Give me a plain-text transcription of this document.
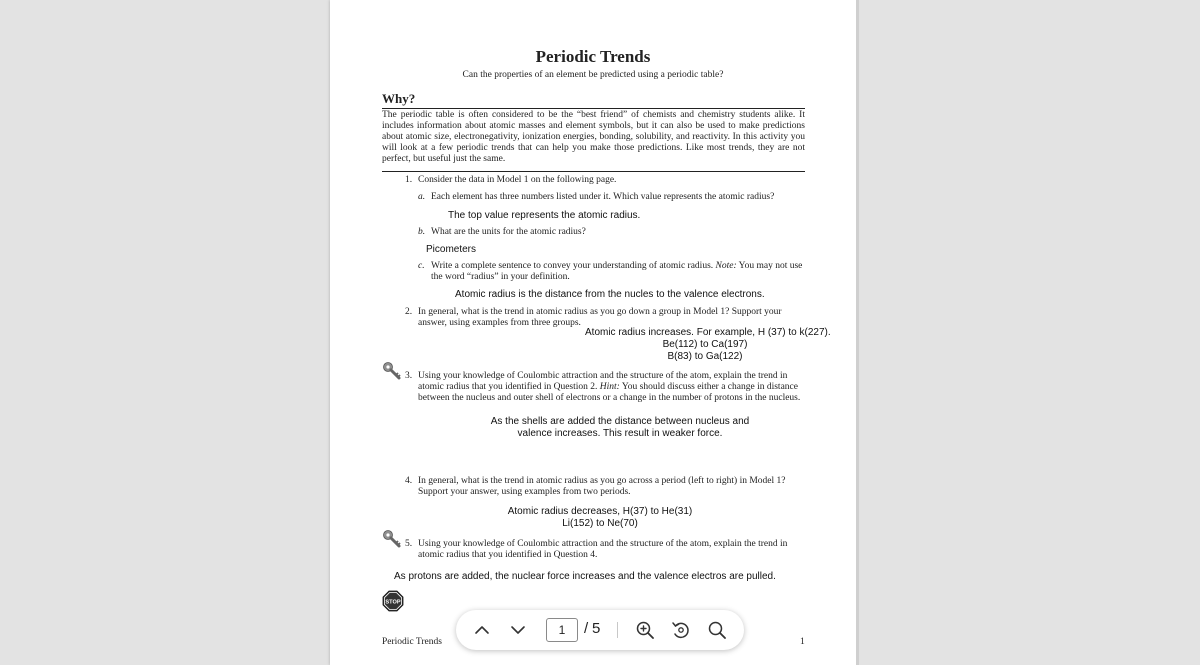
Periodic Trends
Can the properties of an element be predicted using a periodic table?
Why?
The periodic table is often considered to be the “best friend” of chemists and chemistry students alike. It includes information about atomic masses and element symbols, but it can also be used to make predictions about atomic size, electronegativity, ionization energies, bonding, solubility, and reactivity. In this activity you will look at a few periodic trends that can help you make those predictions. Like most trends, they are not perfect, but useful just the same.
1. Consider the data in Model 1 on the following page.
a. Each element has three numbers listed under it. Which value represents the atomic radius?
The top value represents the atomic radius.
b. What are the units for the atomic radius?
Picometers
c. Write a complete sentence to convey your understanding of atomic radius. Note: You may not use the word “radius” in your definition.
Atomic radius is the distance from the nucles to the valence electrons.
2. In general, what is the trend in atomic radius as you go down a group in Model 1? Support your answer, using examples from three groups.
Atomic radius increases. For example, H (37) to k(227).
Be(112) to Ca(197)
B(83) to Ga(122)
3. Using your knowledge of Coulombic attraction and the structure of the atom, explain the trend in atomic radius that you identified in Question 2. Hint: You should discuss either a change in distance between the nucleus and outer shell of electrons or a change in the number of protons in the nucleus.
As the shells are added the distance between nucleus and
valence increases. This result in weaker force.
4. In general, what is the trend in atomic radius as you go across a period (left to right) in Model 1? Support your answer, using examples from two periods.
Atomic radius decreases, H(37) to He(31)
Li(152) to Ne(70)
5. Using your knowledge of Coulombic attraction and the structure of the atom, explain the trend in atomic radius that you identified in Question 4.
As protons are added, the nuclear force increases and the valence electros are pulled.
STOP
Periodic Trends	1
1
/ 5
